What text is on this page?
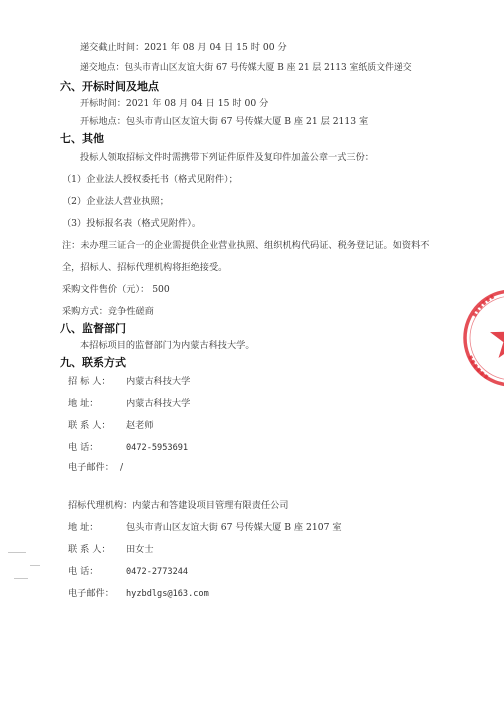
递交截止时间：2021 年 08 月 04 日 15 时 00 分
递交地点：包头市青山区友谊大街 67 号传媒大厦 B 座 21 层 2113 室纸质文件递交
六、开标时间及地点
开标时间：2021 年 08 月 04 日 15 时 00 分
开标地点：包头市青山区友谊大街 67 号传媒大厦 B 座 21 层 2113 室
七、其他
投标人领取招标文件时需携带下列证件原件及复印件加盖公章一式三份：
（1）企业法人授权委托书（格式见附件）；
（2）企业法人营业执照；
（3）投标报名表（格式见附件）。
注：未办理三证合一的企业需提供企业营业执照、组织机构代码证、税务登记证。如资料不
全，招标人、招标代理机构将拒绝接受。
采购文件售价（元）： 500
采购方式：竞争性磋商
八、监督部门
本招标项目的监督部门为内蒙古科技大学。
九、联系方式
招 标 人： 内蒙古科技大学
地 址：	内蒙古科技大学
联 系 人： 赵老师
电 话：	0472-5953691
电子邮件： /
招标代理机构：内蒙古和答建设项目管理有限责任公司
地 址：	包头市青山区友谊大街 67 号传媒大厦 B 座 2107 室
联 系 人： 田女士
电 话：	0472-2773244
电子邮件： hyzbdlgs@163.com
